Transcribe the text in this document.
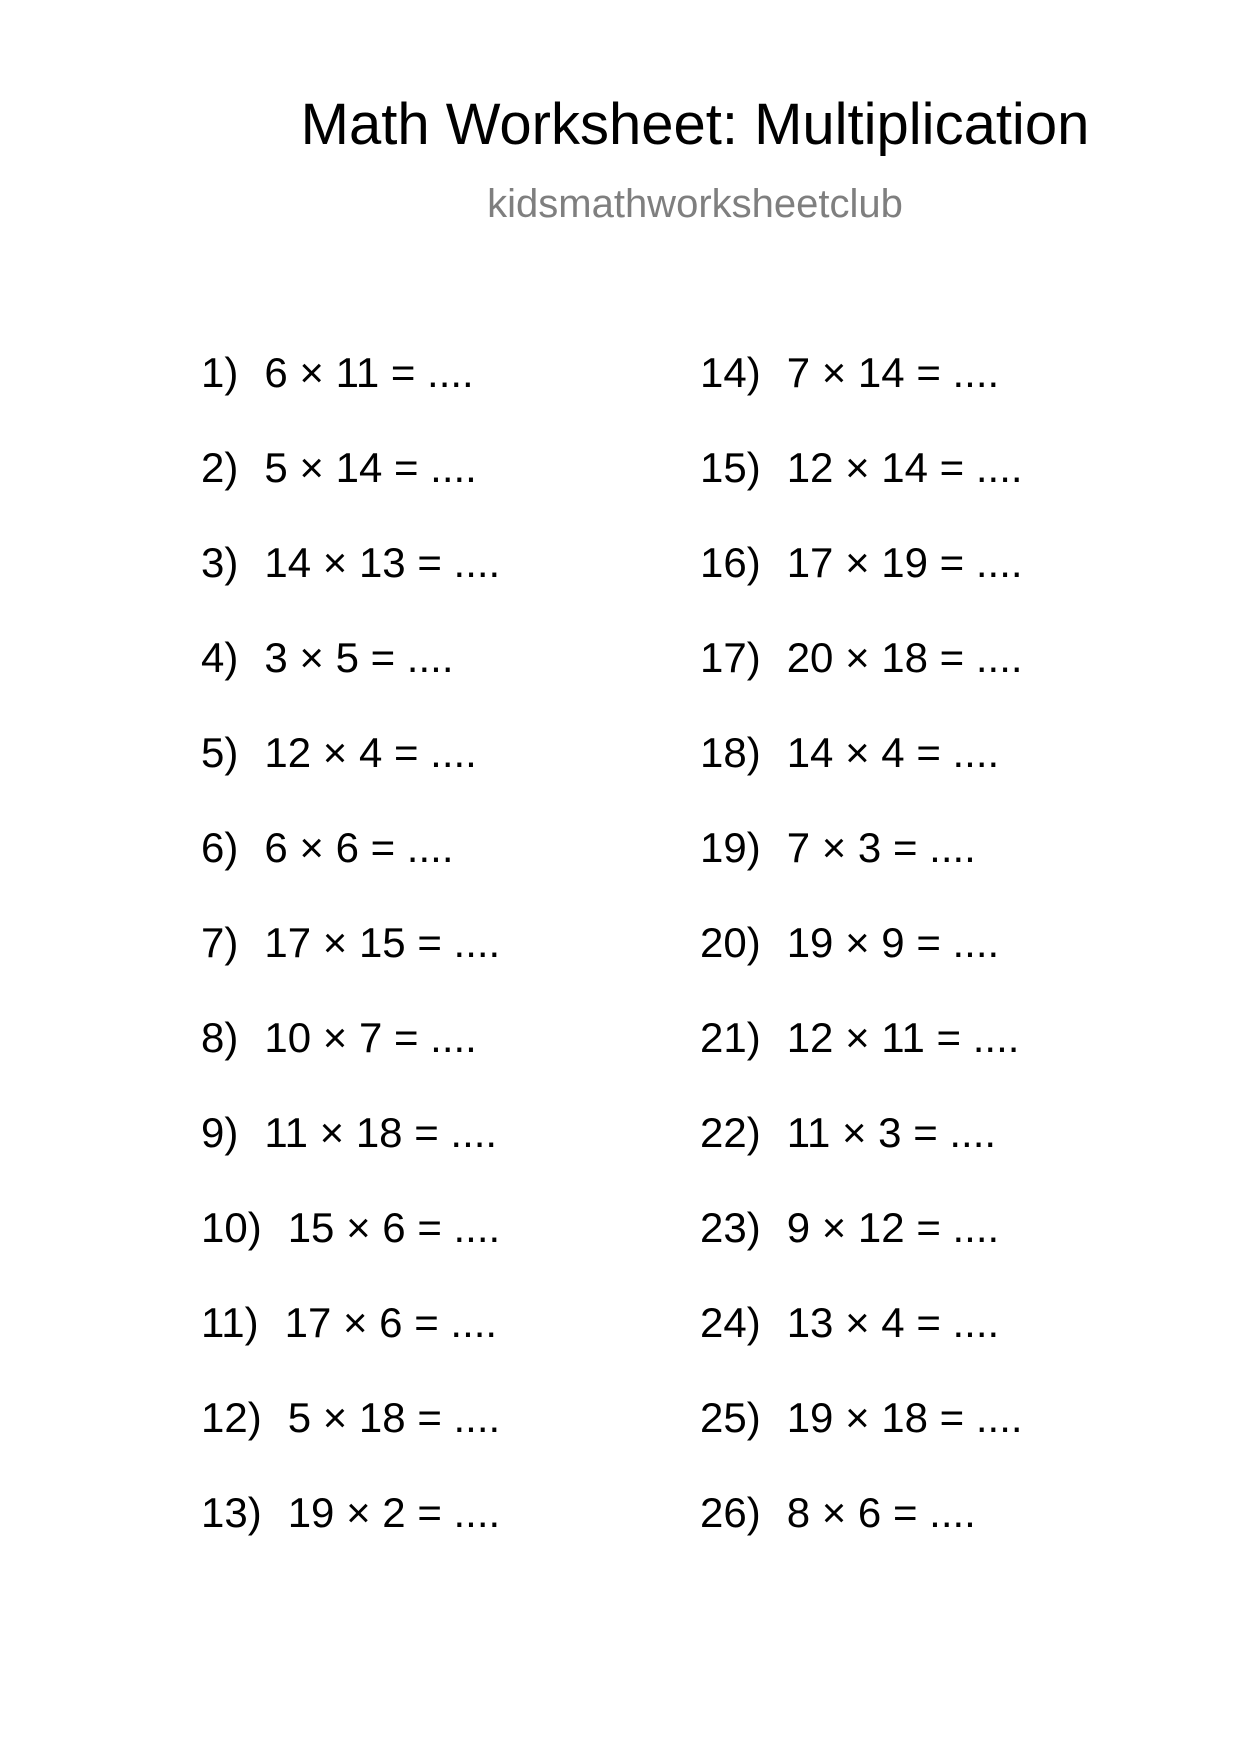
Math Worksheet: Multiplication
kidsmathworksheetclub
1) 6 × 11 = ....
2) 5 × 14 = ....
3) 14 × 13 = ....
4) 3 × 5 = ....
5) 12 × 4 = ....
6) 6 × 6 = ....
7) 17 × 15 = ....
8) 10 × 7 = ....
9) 11 × 18 = ....
10) 15 × 6 = ....
11) 17 × 6 = ....
12) 5 × 18 = ....
13) 19 × 2 = ....
14) 7 × 14 = ....
15) 12 × 14 = ....
16) 17 × 19 = ....
17) 20 × 18 = ....
18) 14 × 4 = ....
19) 7 × 3 = ....
20) 19 × 9 = ....
21) 12 × 11 = ....
22) 11 × 3 = ....
23) 9 × 12 = ....
24) 13 × 4 = ....
25) 19 × 18 = ....
26) 8 × 6 = ....
